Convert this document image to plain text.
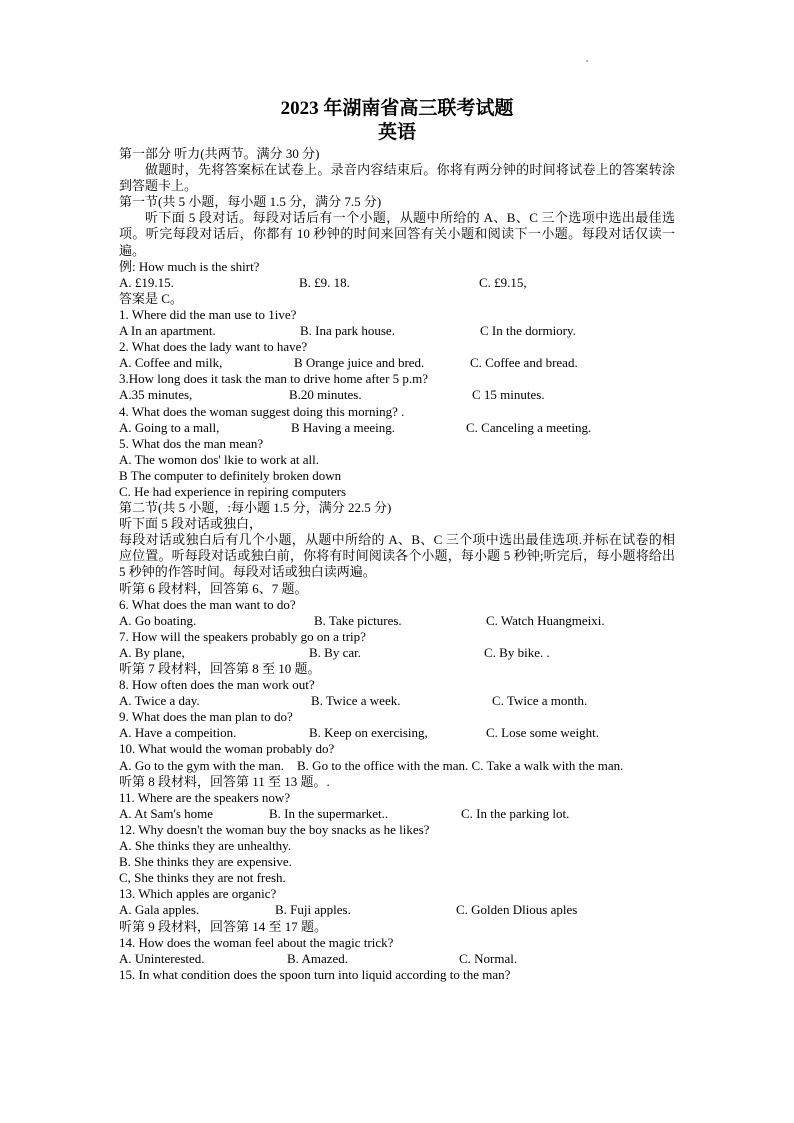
2023 年湖南省高三联考试题
英语
第一部分 听力(共两节。满分 30 分)
做题时，先将答案标在试卷上。录音内容结束后。你将有两分钟的时间将试卷上的答案转涂到答题卡上。
第一节(共 5 小题，每小题 1.5 分，满分 7.5 分)
听下面 5 段对话。每段对话后有一个小题，从题中所给的 A、B、C 三个选项中选出最佳选项。听完每段对话后，你都有 10 秒钟的时间来回答有关小题和阅读下一小题。每段对话仅读一遍。
例: How much is the shirt?
A. £19.15.	B. £9. 18.	C. £9.15,
答案是 C。
1. Where did the man use to 1ive?
A In an apartment.	B. Ina park house.	C In the dormiory.
2. What does the lady want to have?
A. Coffee and milk,	B Orange juice and bred.	C. Coffee and bread.
3.How long does it task the man to drive home after 5 p.m?
A.35 minutes,	B.20 minutes.	C 15 minutes.
4. What does the woman suggest doing this morning? .
A. Going to a mall,	B Having a meeing.	C. Canceling a meeting.
5. What dos the man mean?
A. The womon dos' lkie to work at all.
B The computer to definitely broken down
C. He had experience in repiring computers
第二节(共 5 小题，:每小题 1.5 分，满分 22.5 分)
听下面 5 段对话或独白，
每段对话或独白后有几个小题，从题中所给的 A、B、C 三个项中选出最佳选项.并标在试卷的相应位置。听每段对话或独白前，你将有时间阅读各个小题，每小题 5 秒钟;听完后，每小题将给出 5 秒钟的作答时间。每段对话或独白读两遍。
听第 6 段材料，回答第 6、7 题。
6. What does the man want to do?
A. Go boating.	B. Take pictures.	C. Watch Huangmeixi.
7. How will the speakers probably go on a trip?
A. By plane,	B. By car.	C. By bike. .
听第 7 段材料，回答第 8 至 10 题。
8. How often does the man work out?
A. Twice a day.	B. Twice a week.	C. Twice a month.
9. What does the man plan to do?
A. Have a compeition.	B. Keep on exercising,	C. Lose some weight.
10. What would the woman probably do?
A. Go to the gym with the man.    B. Go to the office with the man. C. Take a walk with the man.
听第 8 段材料，回答第 11 至 13 题。.
11. Where are the speakers now?
A. At Sam's home	B. In the supermarket..	C. In the parking lot.
12. Why doesn't the woman buy the boy snacks as he likes?
A. She thinks they are unhealthy.
B. She thinks they are expensive.
C, She thinks they are not fresh.
13. Which apples are organic?
A. Gala apples.	B. Fuji apples.	C. Golden Dlious aples
听第 9 段材料，回答第 14 至 17 题。
14. How does the woman feel about the magic trick?
A. Uninterested.	B. Amazed.	C. Normal.
15. In what condition does the spoon turn into liquid according to the man?
